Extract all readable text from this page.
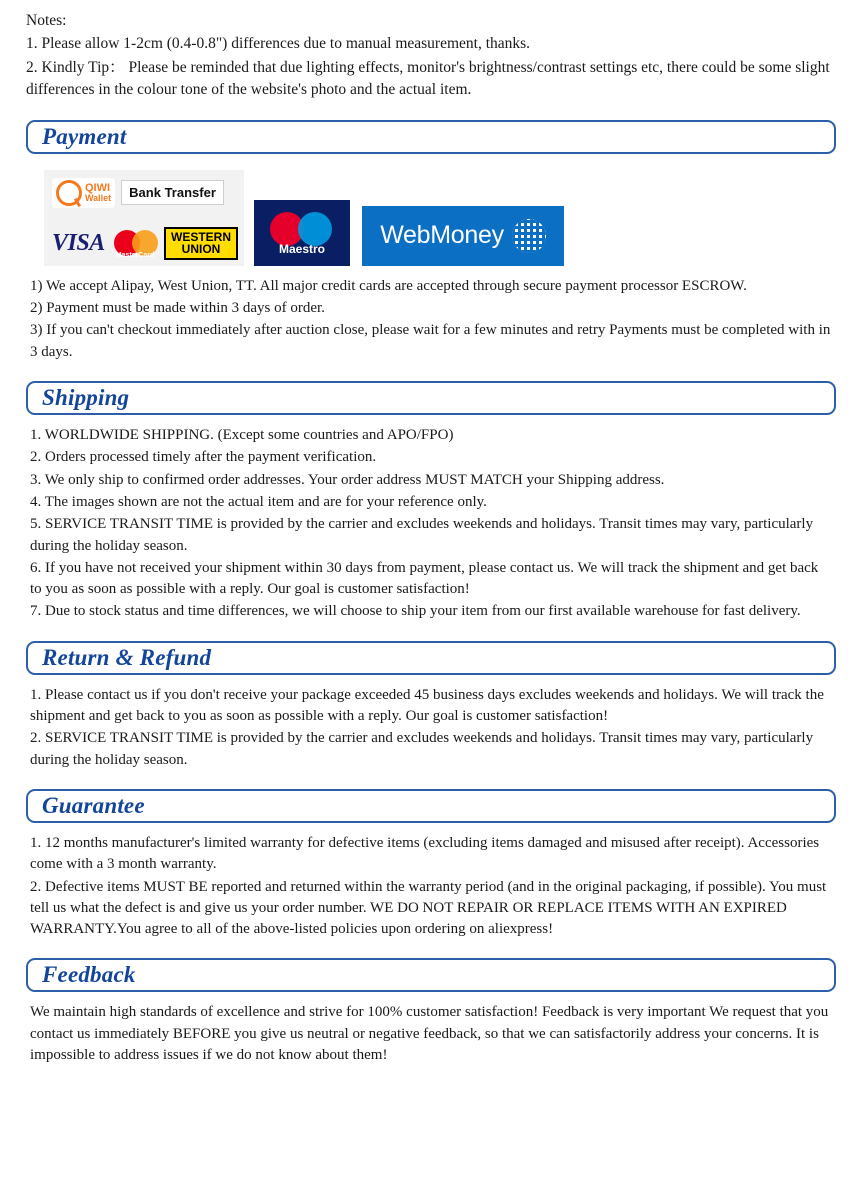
Notes:

1. Please allow 1-2cm (0.4-0.8") differences due to manual measurement, thanks.

2. Kindly Tip： Please be reminded that due lighting effects, monitor's brightness/contrast settings etc, there could be some slight differences in the colour tone of the website's photo and the actual item.

Payment
QIWI
Wallet	Bank Transfer
VISA MasterCard
WESTERN
UNION	Maestro	WebMoney

1) We accept Alipay, West Union, TT. All major credit cards are accepted through secure payment processor ESCROW.

2) Payment must be made within 3 days of order.

3) If you can't checkout immediately after auction close, please wait for a few minutes and retry Payments must be completed with in 3 days.

Shipping

1. WORLDWIDE SHIPPING. (Except some countries and APO/FPO)

2. Orders processed timely after the payment verification.

3. We only ship to confirmed order addresses. Your order address MUST MATCH your Shipping address.

4. The images shown are not the actual item and are for your reference only.

5. SERVICE TRANSIT TIME is provided by the carrier and excludes weekends and holidays. Transit times may vary, particularly during the holiday season.

6. If you have not received your shipment within 30 days from payment, please contact us. We will track the shipment and get back to you as soon as possible with a reply. Our goal is customer satisfaction!

7. Due to stock status and time differences, we will choose to ship your item from our first available warehouse for fast delivery.

Return & Refund

1. Please contact us if you don't receive your package exceeded 45 business days excludes weekends and holidays. We will track the shipment and get back to you as soon as possible with a reply. Our goal is customer satisfaction!

2. SERVICE TRANSIT TIME is provided by the carrier and excludes weekends and holidays. Transit times may vary, particularly during the holiday season.

Guarantee

1. 12 months manufacturer's limited warranty for defective items (excluding items damaged and misused after receipt). Accessories come with a 3 month warranty.

2. Defective items MUST BE reported and returned within the warranty period (and in the original packaging, if possible). You must tell us what the defect is and give us your order number. WE DO NOT REPAIR OR REPLACE ITEMS WITH AN EXPIRED WARRANTY.You agree to all of the above-listed policies upon ordering on aliexpress!

Feedback

We maintain high standards of excellence and strive for 100% customer satisfaction! Feedback is very important We request that you contact us immediately BEFORE you give us neutral or negative feedback, so that we can satisfactorily address your concerns. It is impossible to address issues if we do not know about them!
